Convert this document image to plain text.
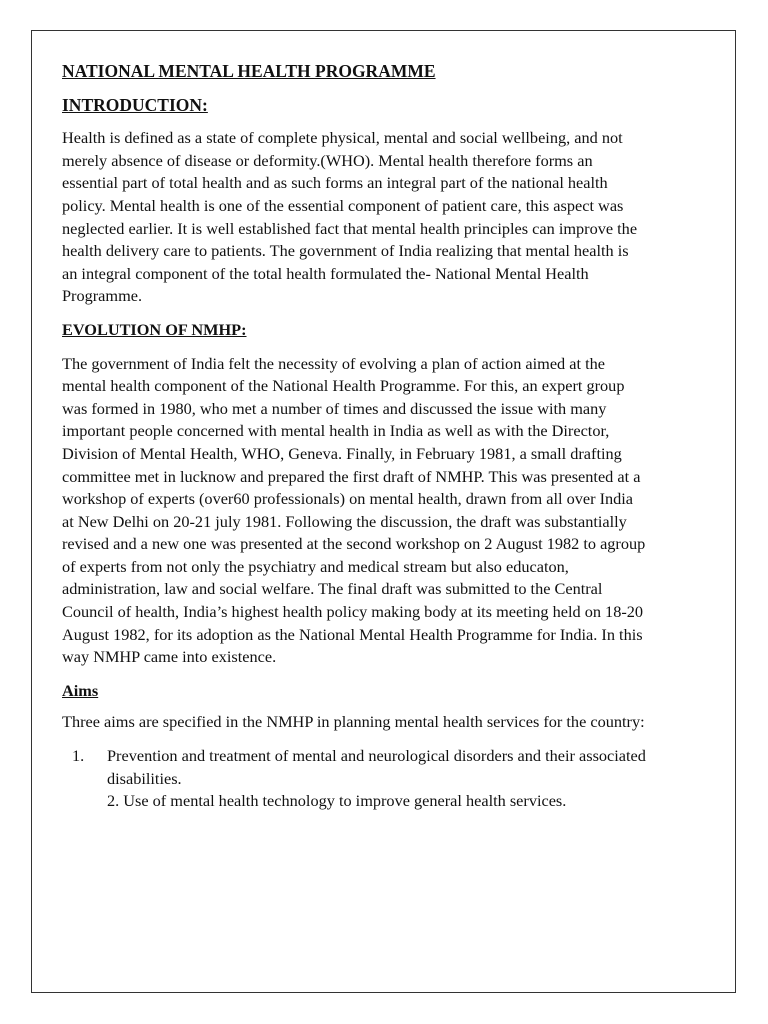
NATIONAL MENTAL HEALTH PROGRAMME
INTRODUCTION:

Health is defined as a state of complete physical, mental and social wellbeing, and not merely absence of disease or deformity.(WHO). Mental health therefore forms an essential part of total health and as such forms an integral part of the national health policy. Mental health is one of the essential component of patient care, this aspect was neglected earlier. It is well established fact that mental health principles can improve the health delivery care to patients. The government of India realizing that mental health is an integral component of the total health formulated the- National Mental Health Programme.

EVOLUTION OF NMHP:

The government of India felt the necessity of evolving a plan of action aimed at the mental health component of the National Health Programme. For this, an expert group was formed in 1980, who met a number of times and discussed the issue with many important people concerned with mental health in India as well as with the Director, Division of Mental Health, WHO, Geneva. Finally, in February 1981, a small drafting committee met in lucknow and prepared the first draft of NMHP. This was presented at a workshop of experts (over60 professionals) on mental health, drawn from all over India at New Delhi on 20-21 july 1981. Following the discussion, the draft was substantially revised and a new one was presented at the second workshop on 2 August 1982 to agroup of experts from not only the psychiatry and medical stream but also educaton, administration, law and social welfare. The final draft was submitted to the Central Council of health, India’s highest health policy making body at its meeting held on 18-20 August 1982, for its adoption as the National Mental Health Programme for India. In this way NMHP came into existence.

Aims

Three aims are specified in the NMHP in planning mental health services for the country:

1. Prevention and treatment of mental and neurological disorders and their associated disabilities.
2. Use of mental health technology to improve general health services.
